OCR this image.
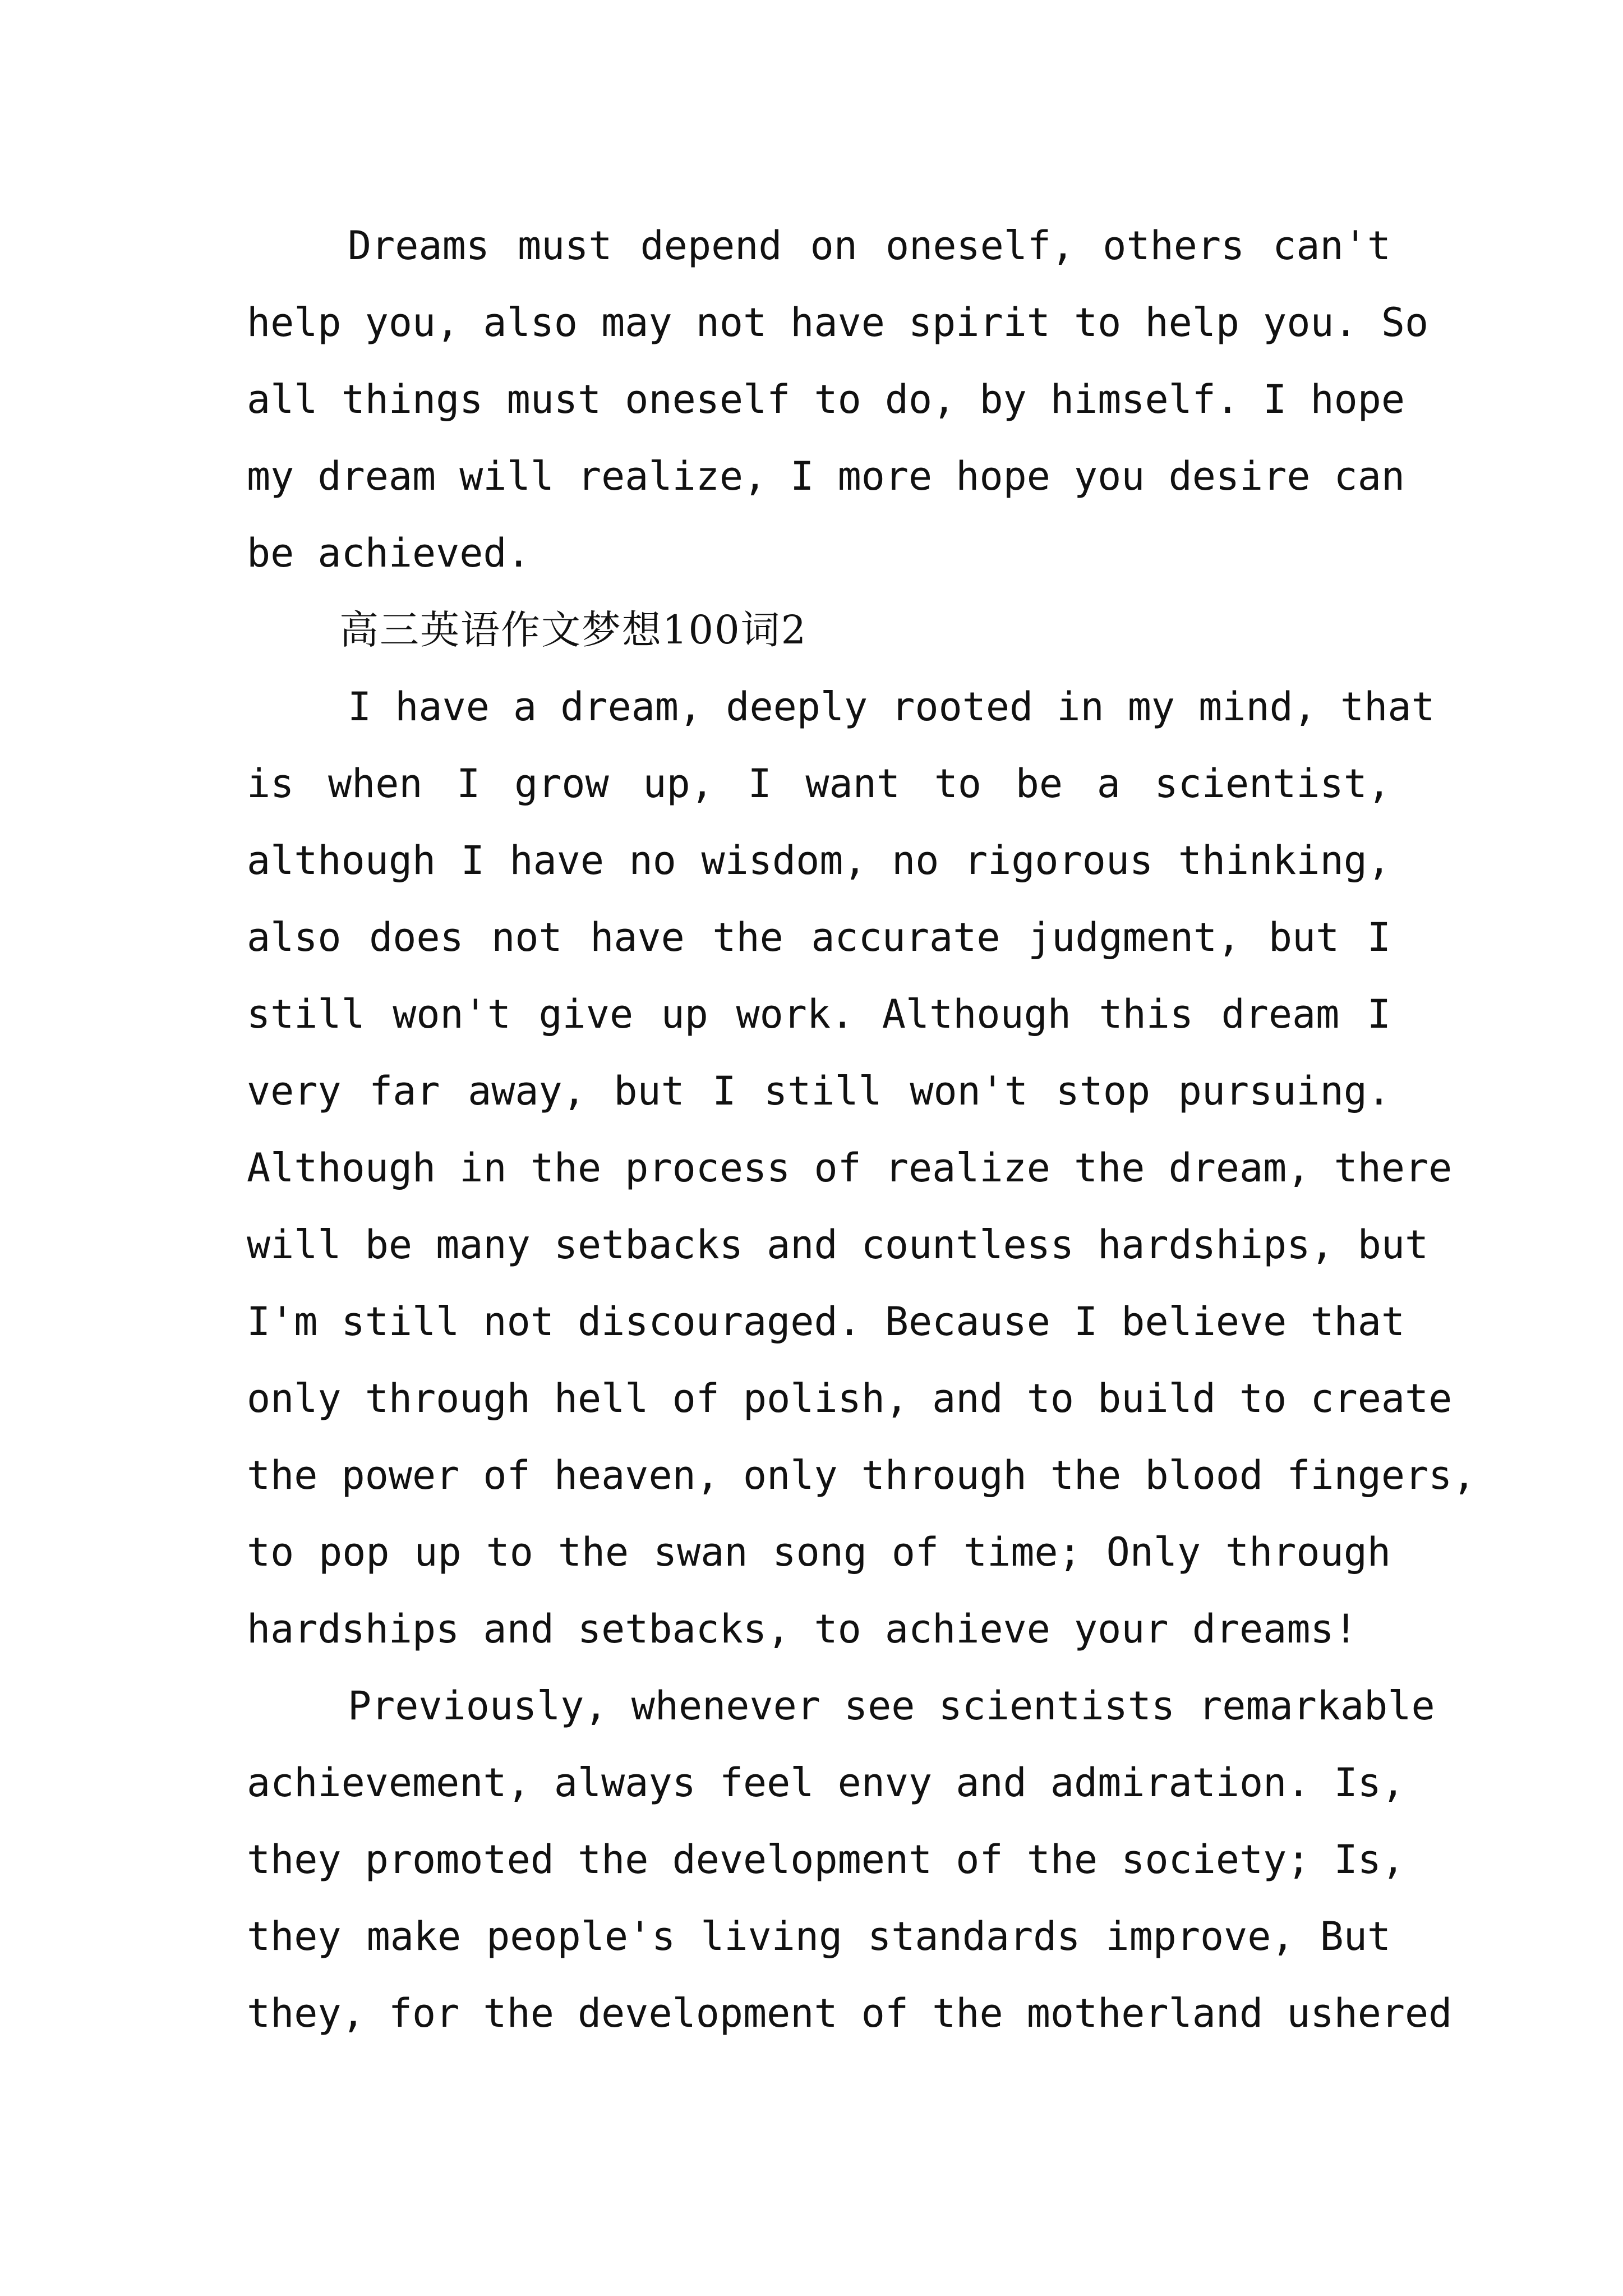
Dreams must depend on oneself, others can't
help you, also may not have spirit to help you. So
all things must oneself to do, by himself. I hope
my dream will realize, I more hope you desire can
be achieved.
高三英语作文梦想100词2
I have a dream, deeply rooted in my mind, that
is when I grow up, I want to be a scientist,
although I have no wisdom, no rigorous thinking,
also does not have the accurate judgment, but I
still won't give up work. Although this dream I
very far away, but I still won't stop pursuing.
Although in the process of realize the dream, there
will be many setbacks and countless hardships, but
I'm still not discouraged. Because I believe that
only through hell of polish, and to build to create
the power of heaven, only through the blood fingers,
to pop up to the swan song of time; Only through
hardships and setbacks, to achieve your dreams!
Previously, whenever see scientists remarkable
achievement, always feel envy and admiration. Is,
they promoted the development of the society; Is,
they make people's living standards improve, But
they, for the development of the motherland ushered
